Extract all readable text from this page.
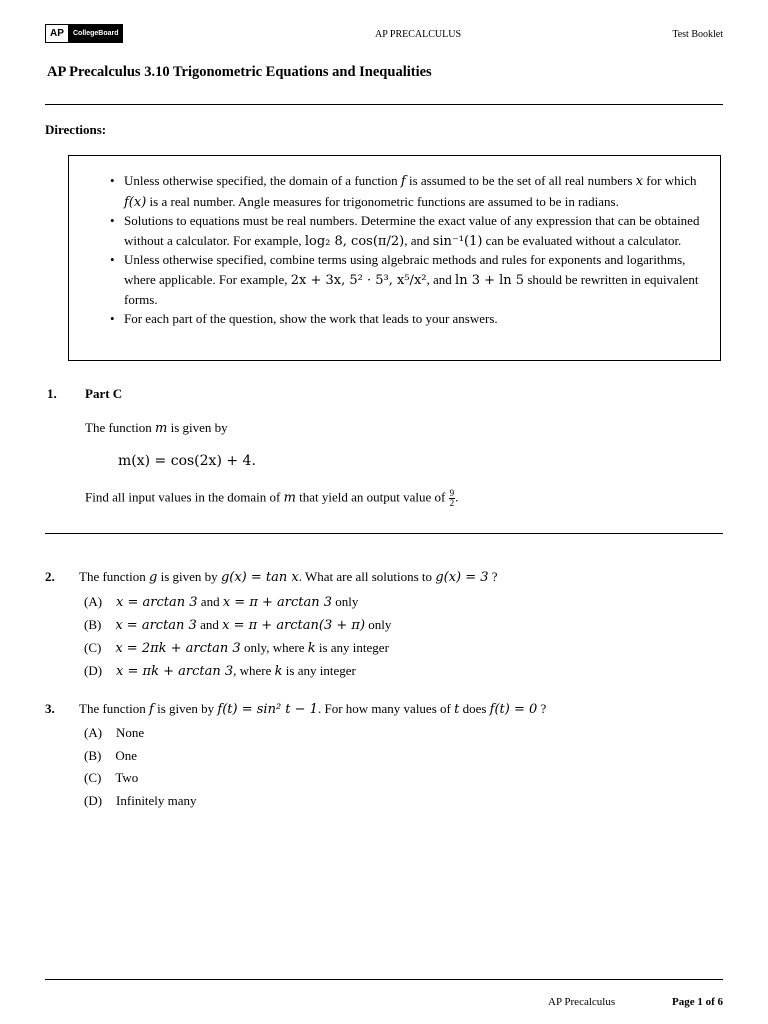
AP	CollegeBoard	AP PRECALCULUS	Test Booklet
AP Precalculus 3.10 Trigonometric Equations and Inequalities
Directions:
• Unless otherwise specified, the domain of a function f is assumed to be the set of all real numbers x for which f(x) is a real number. Angle measures for trigonometric functions are assumed to be in radians.
• Solutions to equations must be real numbers. Determine the exact value of any expression that can be obtained without a calculator. For example, log₂ 8, cos(π/2), and sin⁻¹(1) can be evaluated without a calculator.
• Unless otherwise specified, combine terms using algebraic methods and rules for exponents and logarithms, where applicable. For example, 2x + 3x, 5² · 5³, x⁵/x², and ln 3 + ln 5 should be rewritten in equivalent forms.
• For each part of the question, show the work that leads to your answers.
1. Part C
The function m is given by
m(x) = cos(2x) + 4.
Find all input values in the domain of m that yield an output value of $\frac{9}{2}$ .
2. The function g is given by g(x) = tan x. What are all solutions to g(x) = 3 ?
(A) x = arctan 3 and x = π + arctan 3 only
(B) x = arctan 3 and x = π + arctan(3 + π) only
(C) x = 2πk + arctan 3 only, where k is any integer
(D) x = πk + arctan 3, where k is any integer
3. The function f is given by f(t) = sin² t − 1. For how many values of t does f(t) = 0 ?
(A) None
(B) One
(C) Two
(D) Infinitely many
AP Precalculus	Page 1 of 6
